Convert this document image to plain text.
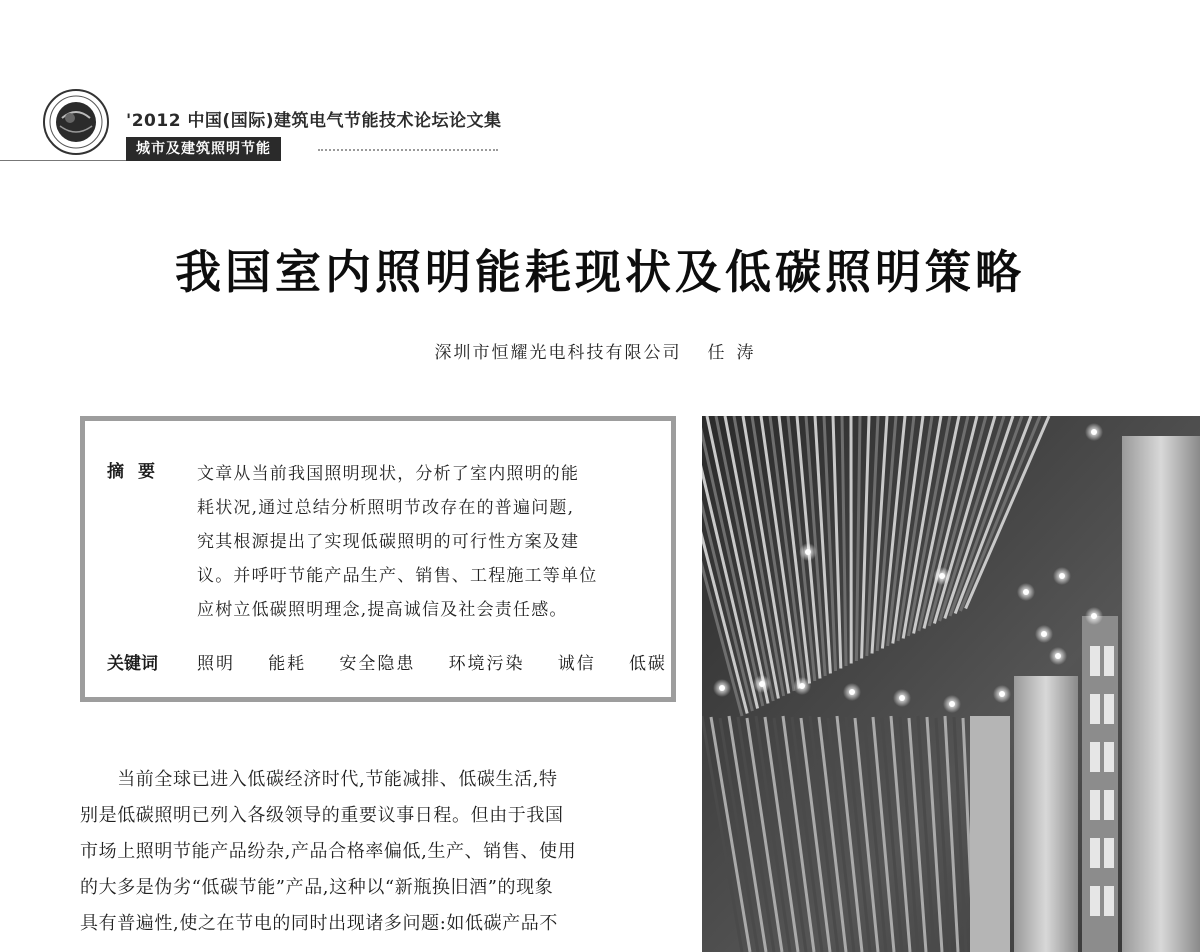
'2012 中国(国际)建筑电气节能技术论坛论文集
城市及建筑照明节能
我国室内照明能耗现状及低碳照明策略
深圳市恒耀光电科技有限公司 任涛
摘要	文章从当前我国照明现状，分析了室内照明的能
耗状况,通过总结分析照明节改存在的普遍问题,
究其根源提出了实现低碳照明的可行性方案及建
议。并呼吁节能产品生产、销售、工程施工等单位
应树立低碳照明理念,提高诚信及社会责任感。
关键词 照明 能耗 安全隐患 环境污染 诚信 低碳
　　当前全球已进入低碳经济时代,节能减排、低碳生活,特
别是低碳照明已列入各级领导的重要议事日程。但由于我国
市场上照明节能产品纷杂,产品合格率偏低,生产、销售、使用
的大多是伪劣“低碳节能”产品,这种以“新瓶换旧酒”的现象
具有普遍性,使之在节电的同时出现诸多问题:如低碳产品不
